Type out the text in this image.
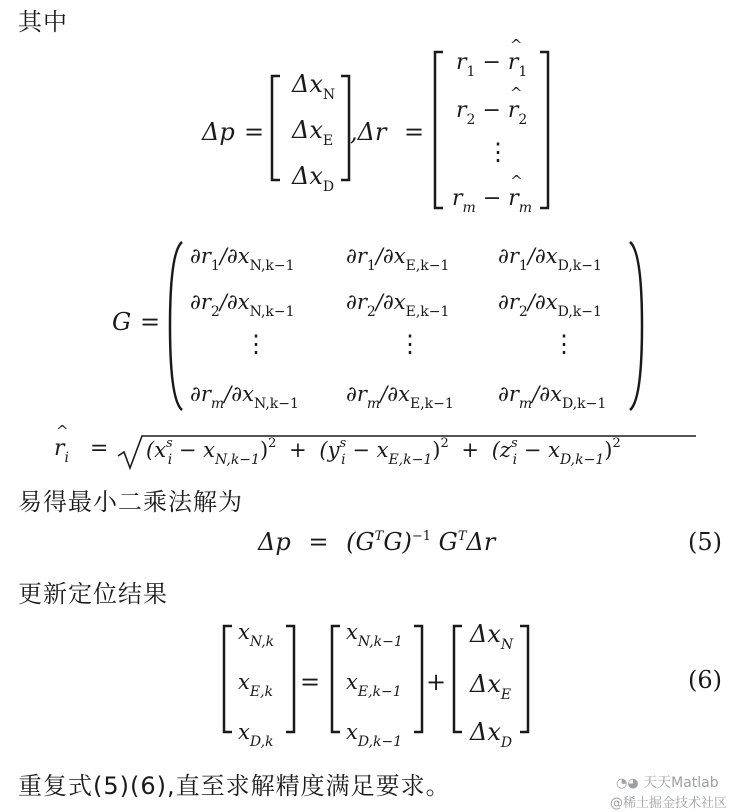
其中
Δp =
$\Delta x_N$
$\Delta x_E$
$\Delta x_D$
,Δr =
$r_1$ − ^ $r_1$
$r_2$ − ^ $r_2$
⋮
$r_m$ − ^ $r_m$
G =
$\partial r_1/\partial x_{N,k-1}$ $\partial r_1/\partial x_{E,k-1}$ $\partial r_1/\partial x_{D,k-1}$
$\partial r_2/\partial x_{N,k-1}$ $\partial r_2/\partial x_{E,k-1}$ $\partial r_2/\partial x_{D,k-1}$
⋮	⋮	⋮
$\partial r_m/\partial x_{N,k-1}$ $\partial r_m/\partial x_{E,k-1}$ $\partial r_m/\partial x_{D,k-1}$
^ $r_i = (x^s_i - x_{N,k-1})^2 + (y^s_i - x_{E,k-1})^2 + (z^s_i - x_{D,k-1})^2$
易得最小二乘法解为
$\Delta p = (G^TG)^{-1}$ $G^T\Delta r$	(5)
更新定位结果
$x_{N,k}$
$x_{E,k}$
$x_{D,k}$
=
$x_{N,k-1}$
$x_{E,k-1}$
$x_{D,k-1}$
+
$\Delta x_N$
$\Delta x_E$
$\Delta x_D$
(6)
重复式(5)(6),直至求解精度满足要求。	◔◕ 天天Matlab
@稀土掘金技术社区
